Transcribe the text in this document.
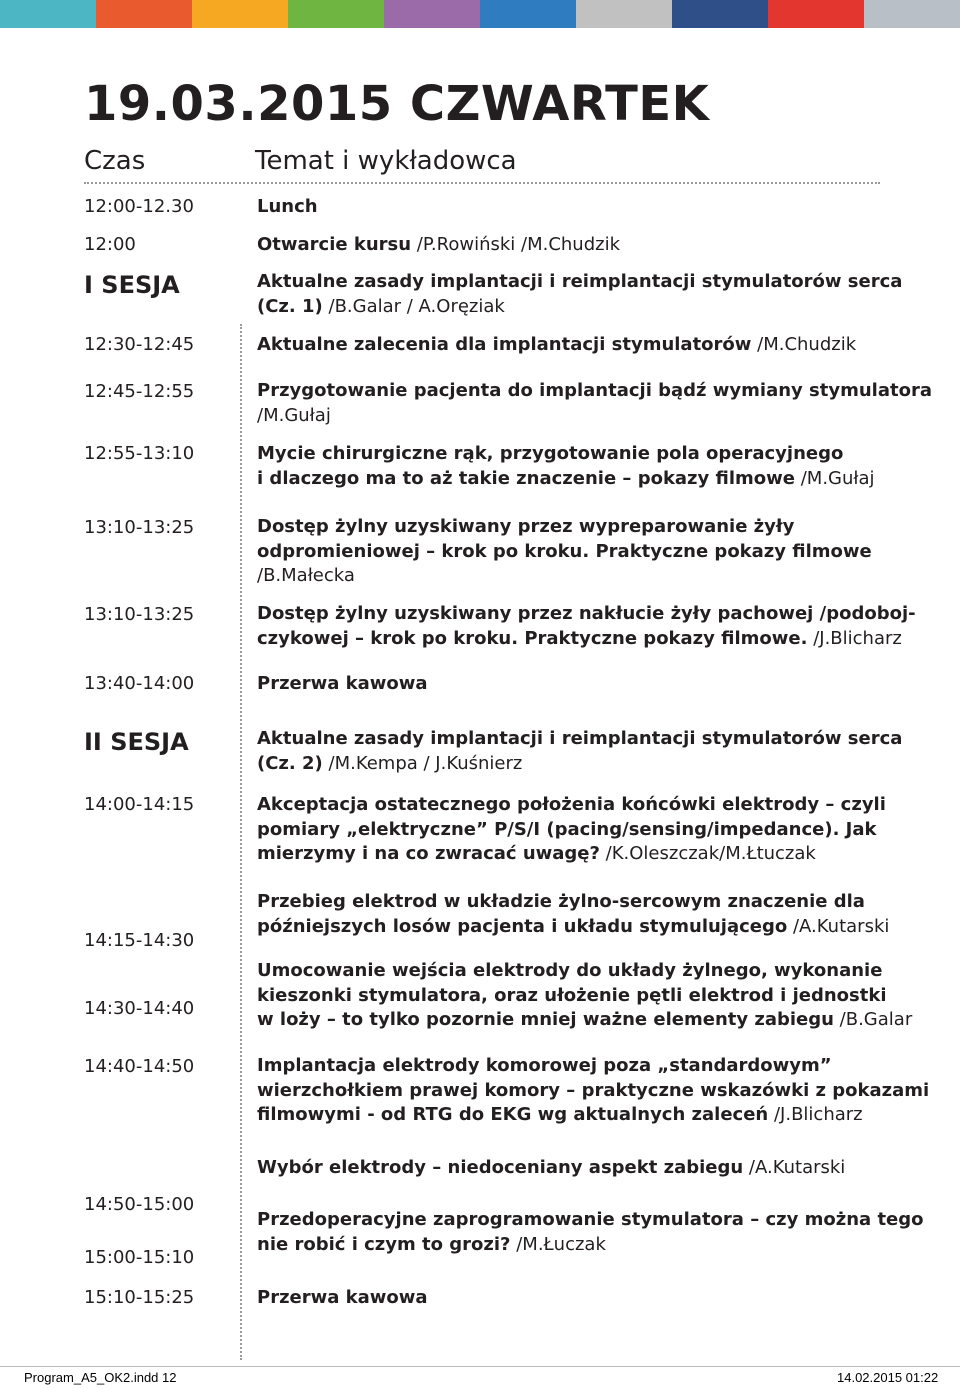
19.03.2015 CZWARTEK
Czas	Temat i wykładowca
12:00-12.30
12:00
I SESJA
12:30-12:45
12:45-12:55
12:55-13:10
13:10-13:25
13:10-13:25
13:40-14:00
II SESJA
14:00-14:15
14:15-14:30
14:30-14:40
14:40-14:50
14:50-15:00
15:00-15:10
15:10-15:25
Lunch
Otwarcie kursu /P.Rowiński /M.Chudzik
Aktualne zasady implantacji i reimplantacji stymulatorów serca
(Cz. 1) /B.Galar / A.Oręziak
Aktualne zalecenia dla implantacji stymulatorów /M.Chudzik
Przygotowanie pacjenta do implantacji bądź wymiany stymulatora
/M.Gułaj
Mycie chirurgiczne rąk, przygotowanie pola operacyjnego
i dlaczego ma to aż takie znaczenie – pokazy filmowe /M.Gułaj
Dostęp żylny uzyskiwany przez wypreparowanie żyły
odpromieniowej – krok po kroku. Praktyczne pokazy filmowe
/B.Małecka
Dostęp żylny uzyskiwany przez nakłucie żyły pachowej /podoboj-
czykowej – krok po kroku. Praktyczne pokazy filmowe. /J.Blicharz
Przerwa kawowa
Aktualne zasady implantacji i reimplantacji stymulatorów serca
(Cz. 2) /M.Kempa / J.Kuśnierz
Akceptacja ostatecznego położenia końcówki elektrody – czyli
pomiary „elektryczne” P/S/I (pacing/sensing/impedance). Jak
mierzymy i na co zwracać uwagę? /K.Oleszczak/M.Łtuczak
Przebieg elektrod w układzie żylno-sercowym znaczenie dla
późniejszych losów pacjenta i układu stymulującego /A.Kutarski
Umocowanie wejścia elektrody do układy żylnego, wykonanie
kieszonki stymulatora, oraz ułożenie pętli elektrod i jednostki
w loży – to tylko pozornie mniej ważne elementy zabiegu /B.Galar
Implantacja elektrody komorowej poza „standardowym”
wierzchołkiem prawej komory – praktyczne wskazówki z pokazami
filmowymi - od RTG do EKG wg aktualnych zaleceń /J.Blicharz
Wybór elektrody – niedoceniany aspekt zabiegu /A.Kutarski
Przedoperacyjne zaprogramowanie stymulatora – czy można tego
nie robić i czym to grozi? /M.Łuczak
Przerwa kawowa
Program_A5_OK2.indd 12	14.02.2015 01:22
